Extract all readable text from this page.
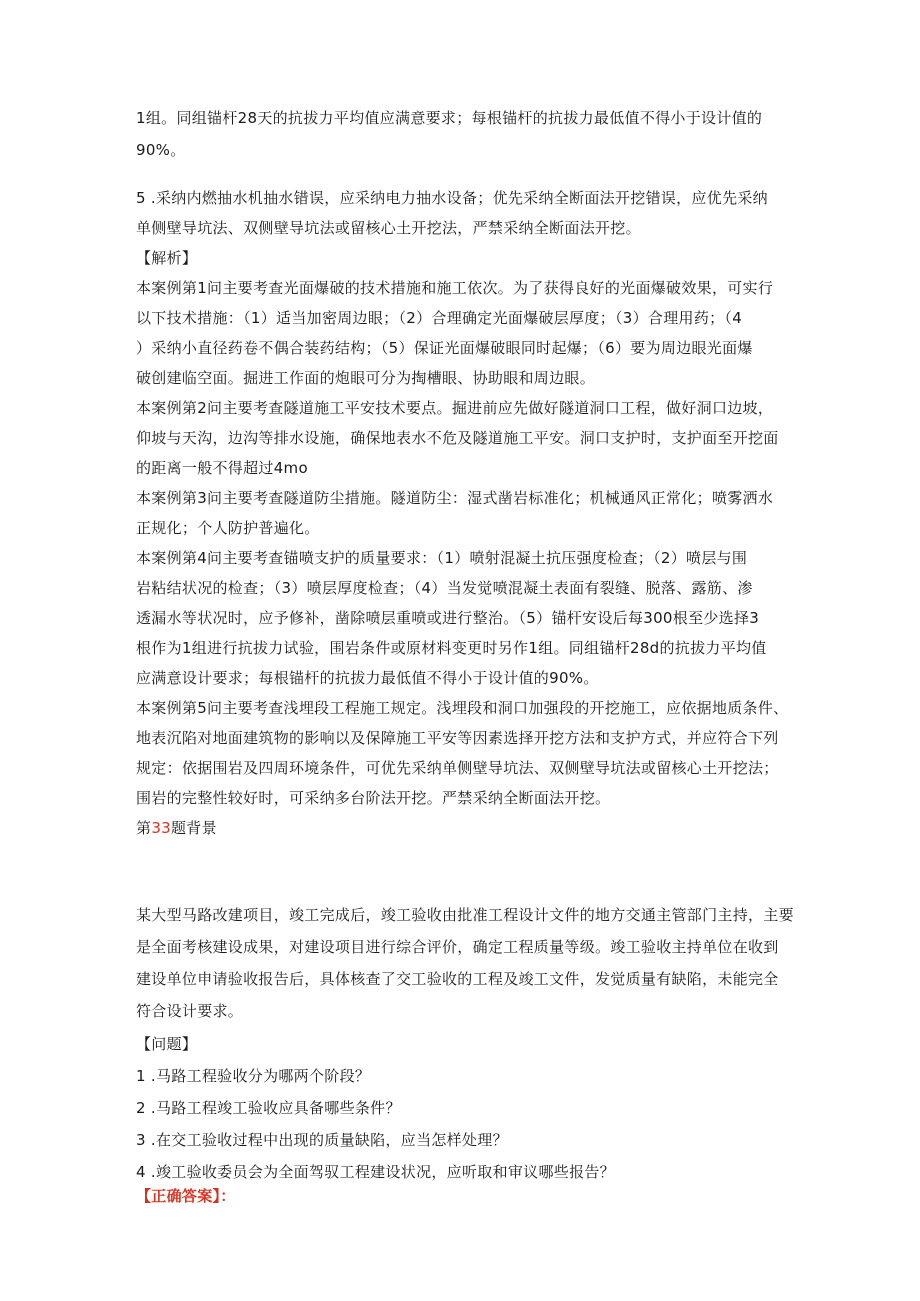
1组。同组锚杆28天的抗拔力平均值应满意要求；每根锚杆的抗拔力最低值不得小于设计值的
90%。
5 .采纳内燃抽水机抽水错误，应采纳电力抽水设备；优先采纳全断面法开挖错误，应优先采纳
单侧壁导坑法、双侧壁导坑法或留核心土开挖法，严禁采纳全断面法开挖。
【解析】
本案例第1问主要考查光面爆破的技术措施和施工依次。为了获得良好的光面爆破效果，可实行
以下技术措施：（1）适当加密周边眼；（2）合理确定光面爆破层厚度；（3）合理用药；（4
）采纳小直径药卷不偶合装药结构；（5）保证光面爆破眼同时起爆；（6）要为周边眼光面爆
破创建临空面。掘进工作面的炮眼可分为掏槽眼、协助眼和周边眼。
本案例第2问主要考查隧道施工平安技术要点。掘进前应先做好隧道洞口工程，做好洞口边坡，
仰坡与天沟，边沟等排水设施，确保地表水不危及隧道施工平安。洞口支护时，支护面至开挖面
的距离一般不得超过4mo
本案例第3问主要考查隧道防尘措施。隧道防尘：湿式凿岩标准化；机械通风正常化；喷雾洒水
正规化；个人防护普遍化。
本案例第4问主要考查锚喷支护的质量要求：（1）喷射混凝土抗压强度检查；（2）喷层与围
岩粘结状况的检查；（3）喷层厚度检查；（4）当发觉喷混凝土表面有裂缝、脱落、露筋、渗
透漏水等状况时，应予修补，凿除喷层重喷或进行整治。（5）锚杆安设后每300根至少选择3
根作为1组进行抗拔力试验，围岩条件或原材料变更时另作1组。同组锚杆28d的抗拔力平均值
应满意设计要求；每根锚杆的抗拔力最低值不得小于设计值的90%。
本案例第5问主要考查浅埋段工程施工规定。浅埋段和洞口加强段的开挖施工，应依据地质条件、
地表沉陷对地面建筑物的影响以及保障施工平安等因素选择开挖方法和支护方式，并应符合下列
规定：依据围岩及四周环境条件，可优先采纳单侧壁导坑法、双侧壁导坑法或留核心土开挖法；
围岩的完整性较好时，可采纳多台阶法开挖。严禁采纳全断面法开挖。
第33题背景
某大型马路改建项目，竣工完成后，竣工验收由批准工程设计文件的地方交通主管部门主持，主要
是全面考核建设成果，对建设项目进行综合评价，确定工程质量等级。竣工验收主持单位在收到
建设单位申请验收报告后，具体核查了交工验收的工程及竣工文件，发觉质量有缺陷，未能完全
符合设计要求。
【问题】
1 .马路工程验收分为哪两个阶段？
2 .马路工程竣工验收应具备哪些条件？
3 .在交工验收过程中出现的质量缺陷，应当怎样处理？
4 .竣工验收委员会为全面驾驭工程建设状况，应听取和审议哪些报告？
【正确答案】：
